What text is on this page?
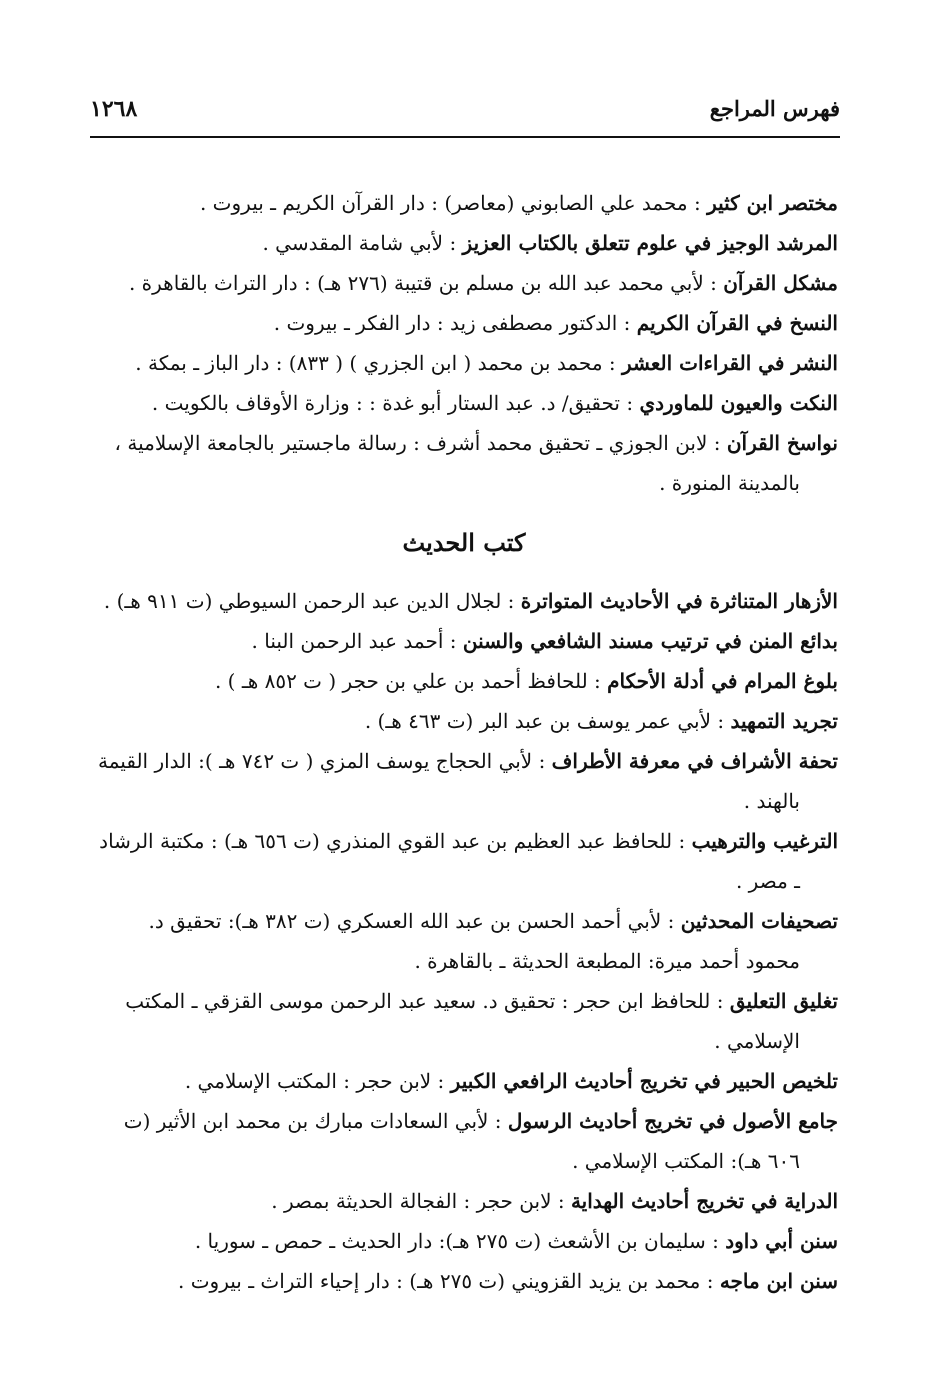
فهرس المراجع
١٢٦٨

مختصر ابن كثير : محمد علي الصابوني (معاصر) : دار القرآن الكريم ـ بيروت .

المرشد الوجيز في علوم تتعلق بالكتاب العزيز : لأبي شامة المقدسي .

مشكل القرآن : لأبي محمد عبد الله بن مسلم بن قتيبة (٢٧٦ هـ) : دار التراث بالقاهرة .

النسخ في القرآن الكريم : الدكتور مصطفى زيد : دار الفكر ـ بيروت .

النشر في القراءات العشر : محمد بن محمد ( ابن الجزري ) ( ٨٣٣) : دار الباز ـ بمكة .

النكت والعيون للماوردي : تحقيق/ د. عبد الستار أبو غدة : : وزارة الأوقاف بالكويت .

نواسخ القرآن : لابن الجوزي ـ تحقيق محمد أشرف : رسالة ماجستير بالجامعة الإسلامية ، بالمدينة المنورة .

كتب الحديث

الأزهار المتناثرة في الأحاديث المتواترة : لجلال الدين عبد الرحمن السيوطي (ت ٩١١ هـ) .

بدائع المنن في ترتيب مسند الشافعي والسنن : أحمد عبد الرحمن البنا .

بلوغ المرام في أدلة الأحكام : للحافظ أحمد بن علي بن حجر ( ت ٨٥٢ هـ ) .

تجريد التمهيد : لأبي عمر يوسف بن عبد البر (ت ٤٦٣ هـ) .

تحفة الأشراف في معرفة الأطراف : لأبي الحجاج يوسف المزي ( ت ٧٤٢ هـ ): الدار القيمة بالهند .

الترغيب والترهيب : للحافظ عبد العظيم بن عبد القوي المنذري (ت ٦٥٦ هـ) : مكتبة الرشاد ـ مصر .

تصحيفات المحدثين : لأبي أحمد الحسن بن عبد الله العسكري (ت ٣٨٢ هـ): تحقيق د. محمود أحمد ميرة: المطبعة الحديثة ـ بالقاهرة .

تغليق التعليق : للحافظ ابن حجر : تحقيق د. سعيد عبد الرحمن موسى القزقي ـ المكتب الإسلامي .

تلخيص الحبير في تخريج أحاديث الرافعي الكبير : لابن حجر : المكتب الإسلامي .

جامع الأصول في تخريج أحاديث الرسول : لأبي السعادات مبارك بن محمد ابن الأثير (ت ٦٠٦ هـ): المكتب الإسلامي .

الدراية في تخريج أحاديث الهداية : لابن حجر : الفجالة الحديثة بمصر .

سنن أبي داود : سليمان بن الأشعث (ت ٢٧٥ هـ): دار الحديث ـ حمص ـ سوريا .

سنن ابن ماجه : محمد بن يزيد القزويني (ت ٢٧٥ هـ) : دار إحياء التراث ـ بيروت .
